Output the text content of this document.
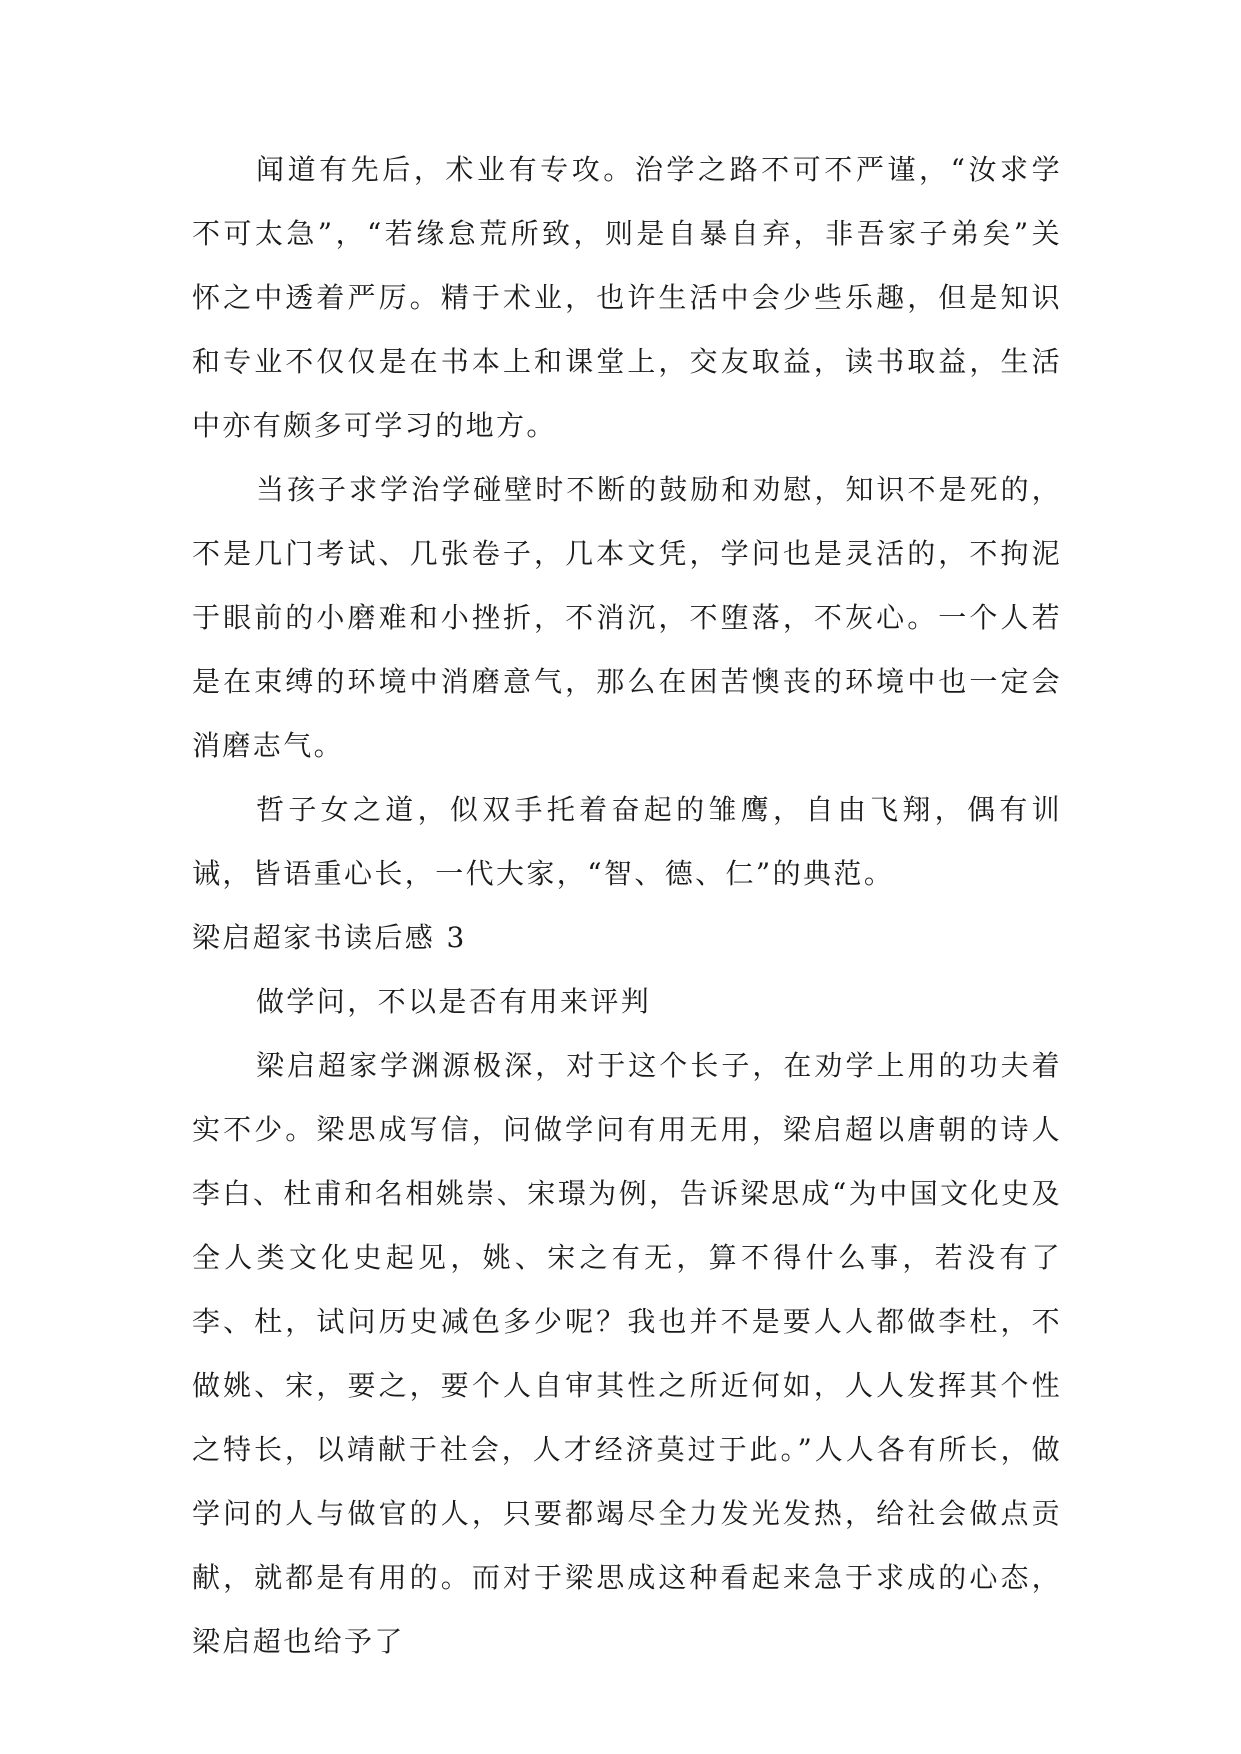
闻道有先后，术业有专攻。治学之路不可不严谨，“汝求学不可太急”，“若缘怠荒所致，则是自暴自弃，非吾家子弟矣”关怀之中透着严厉。精于术业，也许生活中会少些乐趣，但是知识和专业不仅仅是在书本上和课堂上，交友取益，读书取益，生活中亦有颇多可学习的地方。

当孩子求学治学碰壁时不断的鼓励和劝慰，知识不是死的，不是几门考试、几张卷子，几本文凭，学问也是灵活的，不拘泥于眼前的小磨难和小挫折，不消沉，不堕落，不灰心。一个人若是在束缚的环境中消磨意气，那么在困苦懊丧的环境中也一定会消磨志气。

哲子女之道，似双手托着奋起的雏鹰，自由飞翔，偶有训诫，皆语重心长，一代大家，“智、德、仁”的典范。

梁启超家书读后感 3

做学问，不以是否有用来评判

梁启超家学渊源极深，对于这个长子，在劝学上用的功夫着实不少。梁思成写信，问做学问有用无用，梁启超以唐朝的诗人李白、杜甫和名相姚崇、宋璟为例，告诉梁思成“为中国文化史及全人类文化史起见，姚、宋之有无，算不得什么事，若没有了李、杜，试问历史减色多少呢？我也并不是要人人都做李杜，不做姚、宋，要之，要个人自审其性之所近何如，人人发挥其个性之特长，以靖献于社会，人才经济莫过于此。”人人各有所长，做学问的人与做官的人，只要都竭尽全力发光发热，给社会做点贡献，就都是有用的。而对于梁思成这种看起来急于求成的心态，梁启超也给予了
